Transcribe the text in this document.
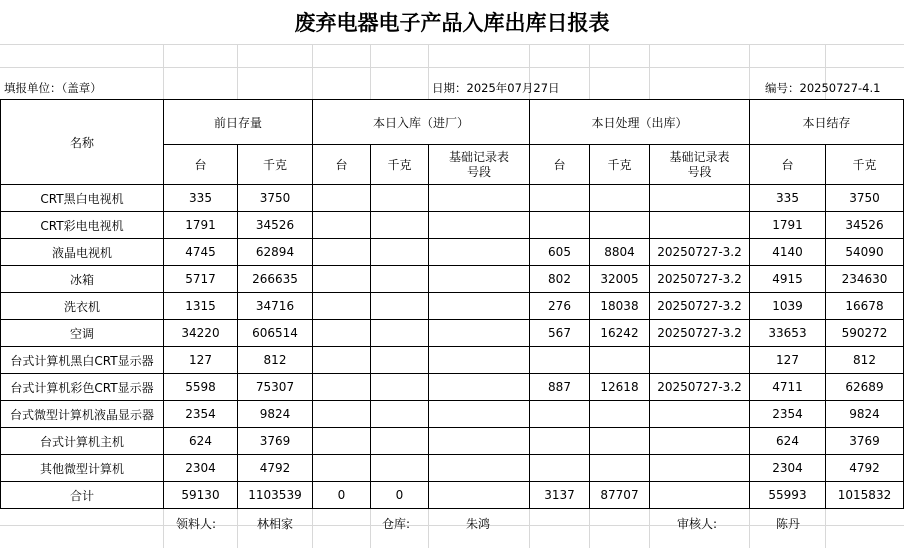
废弃电器电子产品入库出库日报表
填报单位：（盖章）	日期：2025年07月27日	编号：20250727-4.1
名称	前日存量		本日入库（进厂）			本日处理（出库）			本日结存	
	台	千克	台	千克	基础记录表号段	台	千克	基础记录表号段	台	千克
CRT黑白电视机	335	3750							335	3750
CRT彩电电视机	1791	34526							1791	34526
液晶电视机	4745	62894				605	8804	20250727-3.2	4140	54090
冰箱	5717	266635				802	32005	20250727-3.2	4915	234630
洗衣机	1315	34716				276	18038	20250727-3.2	1039	16678
空调	34220	606514				567	16242	20250727-3.2	33653	590272
台式计算机黑白CRT显示器	127	812							127	812
台式计算机彩色CRT显示器	5598	75307				887	12618	20250727-3.2	4711	62689
台式微型计算机液晶显示器	2354	9824							2354	9824
台式计算机主机	624	3769							624	3769
其他微型计算机	2304	4792							2304	4792
合计	59130	1103539	0	0		3137	87707		55993	1015832
领料人:	林相家	仓库:	朱鸿	审核人:	陈丹
